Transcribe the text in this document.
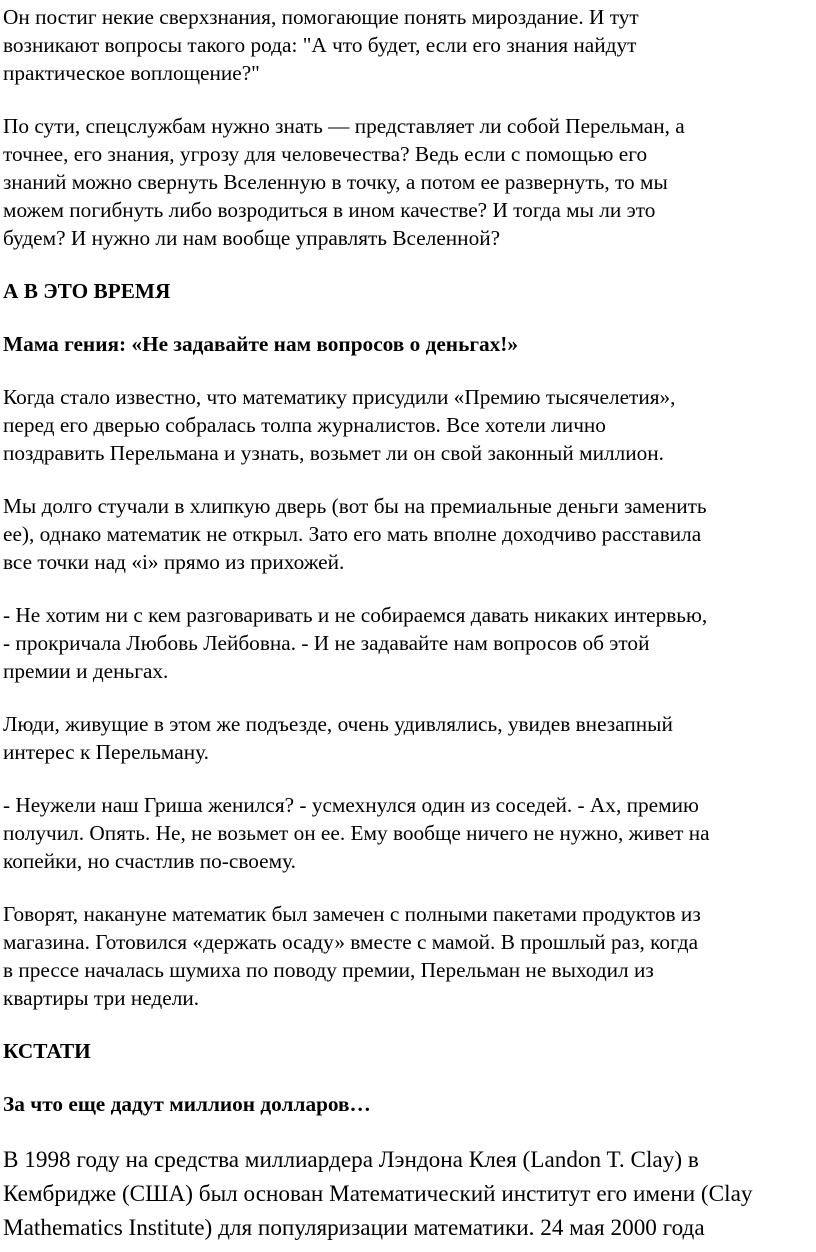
Он постиг некие сверхзнания, помогающие понять мироздание. И тут
возникают вопросы такого рода: "А что будет, если его знания найдут
практическое воплощение?"
По сути, спецслужбам нужно знать — представляет ли собой Перельман, а
точнее, его знания, угрозу для человечества? Ведь если с помощью его
знаний можно свернуть Вселенную в точку, а потом ее развернуть, то мы
можем погибнуть либо возродиться в ином качестве? И тогда мы ли это
будем? И нужно ли нам вообще управлять Вселенной?
А В ЭТО ВРЕМЯ
Мама гения: «Не задавайте нам вопросов о деньгах!»
Когда стало известно, что математику присудили «Премию тысячелетия»,
перед его дверью собралась толпа журналистов. Все хотели лично
поздравить Перельмана и узнать, возьмет ли он свой законный миллион.
Мы долго стучали в хлипкую дверь (вот бы на премиальные деньги заменить
ее), однако математик не открыл. Зато его мать вполне доходчиво расставила
все точки над «i» прямо из прихожей.
- Не хотим ни с кем разговаривать и не собираемся давать никаких интервью,
- прокричала Любовь Лейбовна. - И не задавайте нам вопросов об этой
премии и деньгах.
Люди, живущие в этом же подъезде, очень удивлялись, увидев внезапный
интерес к Перельману.
- Неужели наш Гриша женился? - усмехнулся один из соседей. - Ах, премию
получил. Опять. Не, не возьмет он ее. Ему вообще ничего не нужно, живет на
копейки, но счастлив по-своему.
Говорят, накануне математик был замечен с полными пакетами продуктов из
магазина. Готовился «держать осаду» вместе с мамой. В прошлый раз, когда
в прессе началась шумиха по поводу премии, Перельман не выходил из
квартиры три недели.
КСТАТИ
За что еще дадут миллион долларов…
В 1998 году на средства миллиардера Лэндона Клея (Landon T. Clay) в
Кембридже (США) был основан Математический институт его имени (Clay
Mathematics Institute) для популяризации математики. 24 мая 2000 года
